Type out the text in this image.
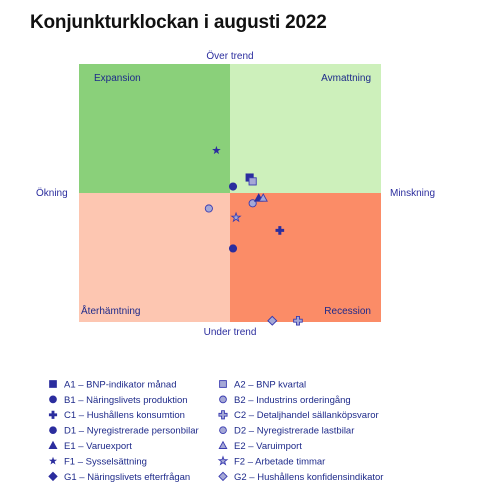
Konjunkturklockan i augusti 2022
Expansion	Avmattning
Återhämtning	Recession
Över trend
Under trend
Ökning	Minskning
A1 – BNP-indikator månad	A2 – BNP kvartal
B1 – Näringslivets produktion	B2 – Industrins orderingång
C1 – Hushållens konsumtion	C2 – Detaljhandel sällanköpsvaror
D1 – Nyregistrerade personbilar	D2 – Nyregistrerade lastbilar
E1 – Varuexport	E2 – Varuimport
F1 – Sysselsättning	F2 – Arbetade timmar
G1 – Näringslivets efterfrågan	G2 – Hushållens konfidensindikator
